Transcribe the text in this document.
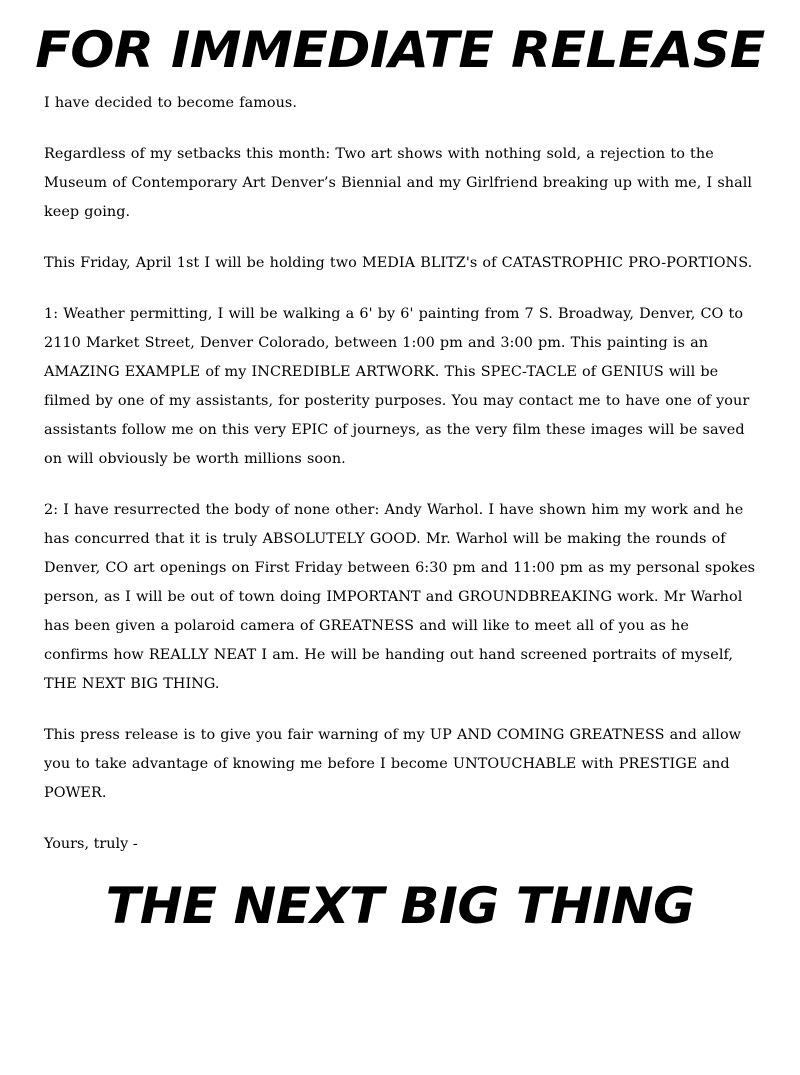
FOR IMMEDIATE RELEASE

I have decided to become famous.

Regardless of my setbacks this month: Two art shows with nothing sold, a rejection to the Museum of Contemporary Art Denver’s Biennial and my Girlfriend breaking up with me, I shall keep going.

This Friday, April 1st I will be holding two MEDIA BLITZ's of CATASTROPHIC PRO-PORTIONS.

1: Weather permitting, I will be walking a 6' by 6' painting from 7 S. Broadway, Denver, CO to 2110 Market Street, Denver Colorado, between 1:00 pm and 3:00 pm. This painting is an AMAZING EXAMPLE of my INCREDIBLE ARTWORK. This SPEC-TACLE of GENIUS will be filmed by one of my assistants, for posterity purposes. You may contact me to have one of your assistants follow me on this very EPIC of journeys, as the very film these images will be saved on will obviously be worth millions soon.

2: I have resurrected the body of none other: Andy Warhol. I have shown him my work and he has concurred that it is truly ABSOLUTELY GOOD. Mr. Warhol will be making the rounds of Denver, CO art openings on First Friday between 6:30 pm and 11:00 pm as my personal spokes person, as I will be out of town doing IMPORTANT and GROUNDBREAKING work. Mr Warhol has been given a polaroid camera of GREATNESS and will like to meet all of you as he confirms how REALLY NEAT I am. He will be handing out hand screened portraits of myself, THE NEXT BIG THING.

This press release is to give you fair warning of my UP AND COMING GREATNESS and allow you to take advantage of knowing me before I become UNTOUCHABLE with PRESTIGE and POWER.

Yours, truly -

THE NEXT BIG THING
